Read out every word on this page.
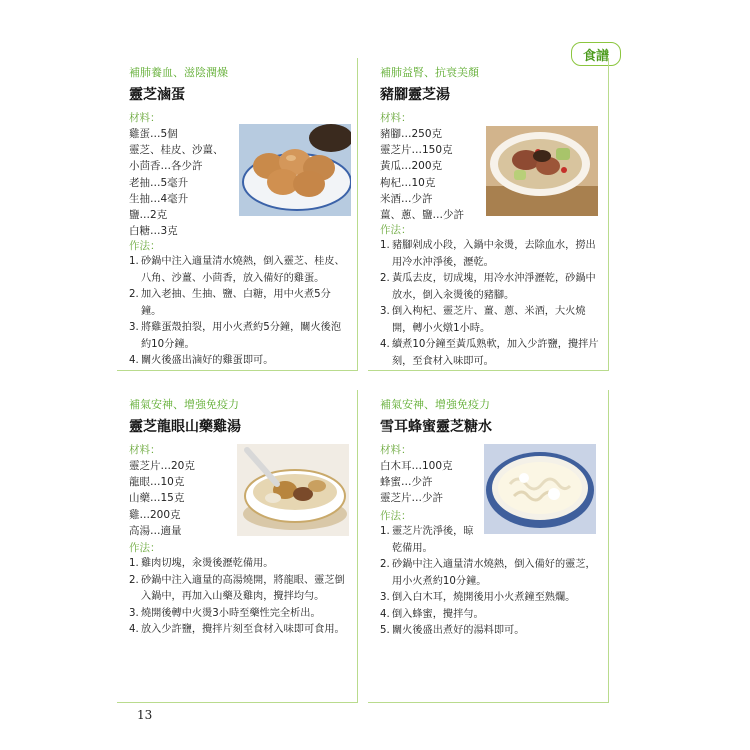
食譜
補肺養血、滋陰潤燥
靈芝滷蛋
材料：
雞蛋…5個
靈芝、桂皮、沙薑、
小茴香…各少許
老抽…5毫升
生抽…4毫升
鹽…2克
白糖…3克
作法：
1. 砂鍋中注入適量清水燒熱，倒入靈芝、桂皮、八角、沙薑、小茴香，放入備好的雞蛋。
2. 加入老抽、生抽、鹽、白糖，用中火煮5分鐘。
3. 將雞蛋殼拍裂，用小火煮約5分鐘，關火後泡約10分鐘。
4. 關火後盛出滷好的雞蛋即可。
補肺益腎、抗衰美顏
豬腳靈芝湯
材料：
豬腳…250克
靈芝片…150克
黃瓜…200克
枸杞…10克
米酒…少許
薑、蔥、鹽…少許
作法：
1. 豬腳剁成小段，入鍋中汆燙，去除血水，撈出用冷水沖淨後，瀝乾。
2. 黃瓜去皮，切成塊，用冷水沖淨瀝乾，砂鍋中放水，倒入汆燙後的豬腳。
3. 倒入枸杞、靈芝片、薑、蔥、米酒，大火燒開，轉小火燉1小時。
4. 續煮10分鐘至黃瓜熟軟，加入少許鹽，攪拌片刻，至食材入味即可。
補氣安神、增強免疫力
靈芝龍眼山藥雞湯
材料：
靈芝片…20克
龍眼…10克
山藥…15克
雞…200克
高湯…適量
作法：
1. 雞肉切塊，汆燙後瀝乾備用。
2. 砂鍋中注入適量的高湯燒開，將龍眼、靈芝倒入鍋中，再加入山藥及雞肉，攪拌均勻。
3. 燒開後轉中火燙3小時至藥性完全析出。
4. 放入少許鹽，攪拌片刻至食材入味即可食用。
補氣安神、增強免疫力
雪耳蜂蜜靈芝糖水
材料：
白木耳…100克
蜂蜜…少許
靈芝片…少許
作法：
1. 靈芝片洗淨後，晾乾備用。
2. 砂鍋中注入適量清水燒熱，倒入備好的靈芝，用小火煮約10分鐘。
3. 倒入白木耳，燒開後用小火煮鐘至熟爛。
4. 倒入蜂蜜，攪拌勻。
5. 關火後盛出煮好的湯料即可。
13
